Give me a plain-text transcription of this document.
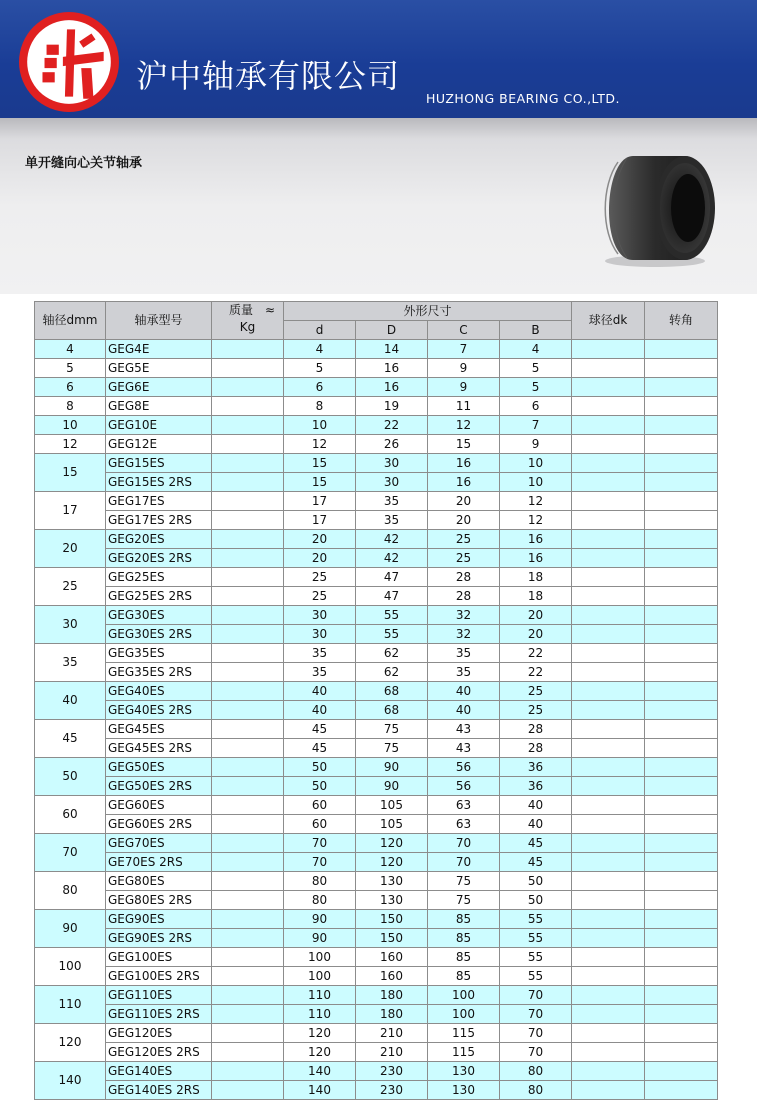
沪中轴承有限公司
HUZHONG BEARING CO.,LTD.
单开缝向心关节轴承
轴径dmm	轴承型号	质量　≈
Kg	外形尺寸				球径dk	转角
			d	D	C	B		
4	GEG4E		4	14	7	4		
5	GEG5E		5	16	9	5		
6	GEG6E		6	16	9	5		
8	GEG8E		8	19	11	6		
10	GEG10E		10	22	12	7		
12	GEG12E		12	26	15	9		
15	GEG15ES		15	30	16	10		
	GEG15ES 2RS		15	30	16	10		
17	GEG17ES		17	35	20	12		
	GEG17ES 2RS		17	35	20	12		
20	GEG20ES		20	42	25	16		
	GEG20ES 2RS		20	42	25	16		
25	GEG25ES		25	47	28	18		
	GEG25ES 2RS		25	47	28	18		
30	GEG30ES		30	55	32	20		
	GEG30ES 2RS		30	55	32	20		
35	GEG35ES		35	62	35	22		
	GEG35ES 2RS		35	62	35	22		
40	GEG40ES		40	68	40	25		
	GEG40ES 2RS		40	68	40	25		
45	GEG45ES		45	75	43	28		
	GEG45ES 2RS		45	75	43	28		
50	GEG50ES		50	90	56	36		
	GEG50ES 2RS		50	90	56	36		
60	GEG60ES		60	105	63	40		
	GEG60ES 2RS		60	105	63	40		
70	GEG70ES		70	120	70	45		
	GE70ES 2RS		70	120	70	45		
80	GEG80ES		80	130	75	50		
	GEG80ES 2RS		80	130	75	50		
90	GEG90ES		90	150	85	55		
	GEG90ES 2RS		90	150	85	55		
100	GEG100ES		100	160	85	55		
	GEG100ES 2RS		100	160	85	55		
110	GEG110ES		110	180	100	70		
	GEG110ES 2RS		110	180	100	70		
120	GEG120ES		120	210	115	70		
	GEG120ES 2RS		120	210	115	70		
140	GEG140ES		140	230	130	80		
	GEG140ES 2RS		140	230	130	80		
